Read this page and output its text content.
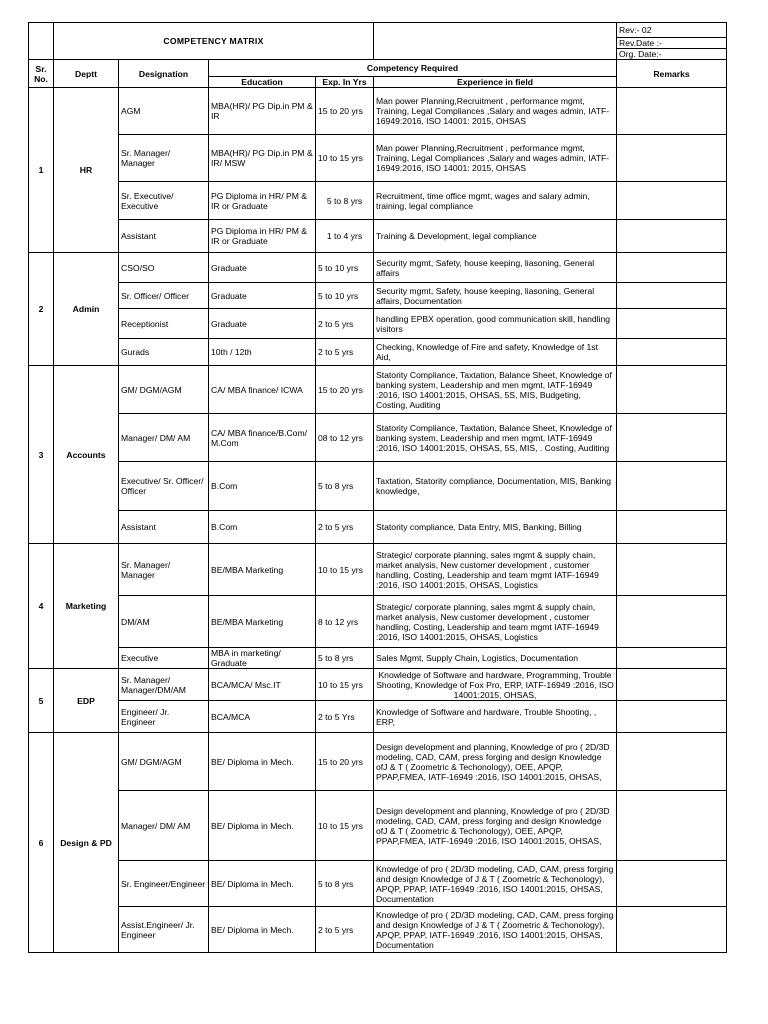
	COMPETENCY MATRIX					Rev:- 02
						Rev.Date :-
						Org. Date:-
Sr. No.	Deptt	Designation	Competency Required			Remarks
			Education	Exp. In Yrs	Experience in field	
1	HR	AGM	MBA(HR)/ PG Dip.in PM & IR	15 to 20 yrs	Man power Planning,Recruitment , performance mgmt, Training, Legal Compliances ,Salary and wages admin, IATF-16949:2016, ISO 14001: 2015, OHSAS	
		Sr. Manager/ Manager	MBA(HR)/ PG Dip.in PM & IR/ MSW	10 to 15 yrs	Man power Planning,Recruitment , performance mgmt, Training, Legal Compliances ,Salary and wages admin, IATF-16949:2016, ISO 14001: 2015, OHSAS	
		Sr. Executive/ Executive	PG Diploma in HR/ PM & IR or Graduate	5 to 8 yrs	Recruitment, time office mgmt, wages and salary admin, training, legal compliance	
		Assistant	PG Diploma in HR/ PM & IR or Graduate	1 to 4 yrs	Training & Development, legal compliance	
2	Admin	CSO/SO	Graduate	5 to 10 yrs	Security mgmt, Safety, house keeping, liasoning, General affairs	
		Sr. Officer/ Officer	Graduate	5 to 10 yrs	Security mgmt, Safety, house keeping, liasoning, General affairs, Documentation	
		Receptionist	Graduate	2 to 5 yrs	handling EPBX operation, good communication skill, handling visitors	
		Gurads	10th / 12th	2 to 5 yrs	Checking, Knowledge of Fire and safety, Knowledge of 1st Aid,	
3	Accounts	GM/ DGM/AGM	CA/ MBA finance/ ICWA	15 to 20 yrs	Statority Compliance, Taxtation, Balance Sheet, Knowledge of banking system, Leadership and men mgmt, IATF-16949 :2016, ISO 14001:2015, OHSAS, 5S, MIS, Budgeting, Costing, Auditing	
		Manager/ DM/ AM	CA/ MBA finance/B.Com/ M.Com	08 to 12 yrs	Statority Compliance, Taxtation, Balance Sheet, Knowledge of banking system, Leadership and men mgmt, IATF-16949 :2016, ISO 14001:2015, OHSAS, 5S, MIS, . Costing, Auditing	
		Executive/ Sr. Officer/ Officer	B.Com	5 to 8 yrs	Taxtation, Statority compliance, Documentation, MIS, Banking knowledge,	
		Assistant	B.Com	2 to 5 yrs	Statority compliance, Data Entry, MIS, Banking, Billing	
4	Marketing	Sr. Manager/ Manager	BE/MBA Marketing	10 to 15 yrs	Strategic/ corporate planning, sales mgmt & supply chain, market analysis, New customer development , customer handling, Costing, Leadership and team mgmt IATF-16949 :2016, ISO 14001:2015, OHSAS, Logistics	
		DM/AM	BE/MBA Marketing	8 to 12 yrs	Strategic/ corporate planning, sales mgmt & supply chain, market analysis, New customer development , customer handling, Costing, Leadership and team mgmt IATF-16949 :2016, ISO 14001:2015, OHSAS, Logistics	
		Executive	MBA in marketing/ Graduate	5 to 8 yrs	Sales Mgmt, Supply Chain, Logistics, Documentation	
5	EDP	Sr. Manager/ Manager/DM/AM	BCA/MCA/ Msc.IT	10 to 15 yrs	Knowledge of Software and hardware, Programming, Trouble Shooting, Knowledge of Fox Pro, ERP, IATF-16949 :2016, ISO 14001:2015, OHSAS,	
		Engineer/ Jr. Engineer	BCA/MCA	2 to 5 Yrs	Knowledge of Software and hardware, Trouble Shooting, , ERP,	
6	Design & PD	GM/ DGM/AGM	BE/ Diploma in Mech.	15 to 20 yrs	Design development and planning, Knowledge of pro ( 2D/3D modeling, CAD, CAM, press forging and design Knowledge ofJ & T ( Zoometric & Techonology), OEE, APQP, PPAP,FMEA, IATF-16949 :2016, ISO 14001:2015, OHSAS,	
		Manager/ DM/ AM	BE/ Diploma in Mech.	10 to 15 yrs	Design development and planning, Knowledge of pro ( 2D/3D modeling, CAD, CAM, press forging and design Knowledge ofJ & T ( Zoometric & Techonology), OEE, APQP, PPAP,FMEA, IATF-16949 :2016, ISO 14001:2015, OHSAS,	
		Sr. Engineer/Engineer	BE/ Diploma in Mech.	5 to 8 yrs	Knowledge of pro ( 2D/3D modeling, CAD, CAM, press forging and design Knowledge of J & T ( Zoometric & Techonology), APQP, PPAP, IATF-16949 :2016, ISO 14001:2015, OHSAS, Documentation	
		Assist.Engineer/ Jr. Engineer	BE/ Diploma in Mech.	2 to 5 yrs	Knowledge of pro ( 2D/3D modeling, CAD, CAM, press forging and design Knowledge of J & T ( Zoometric & Techonology), APQP, PPAP, IATF-16949 :2016, ISO 14001:2015, OHSAS, Documentation	
